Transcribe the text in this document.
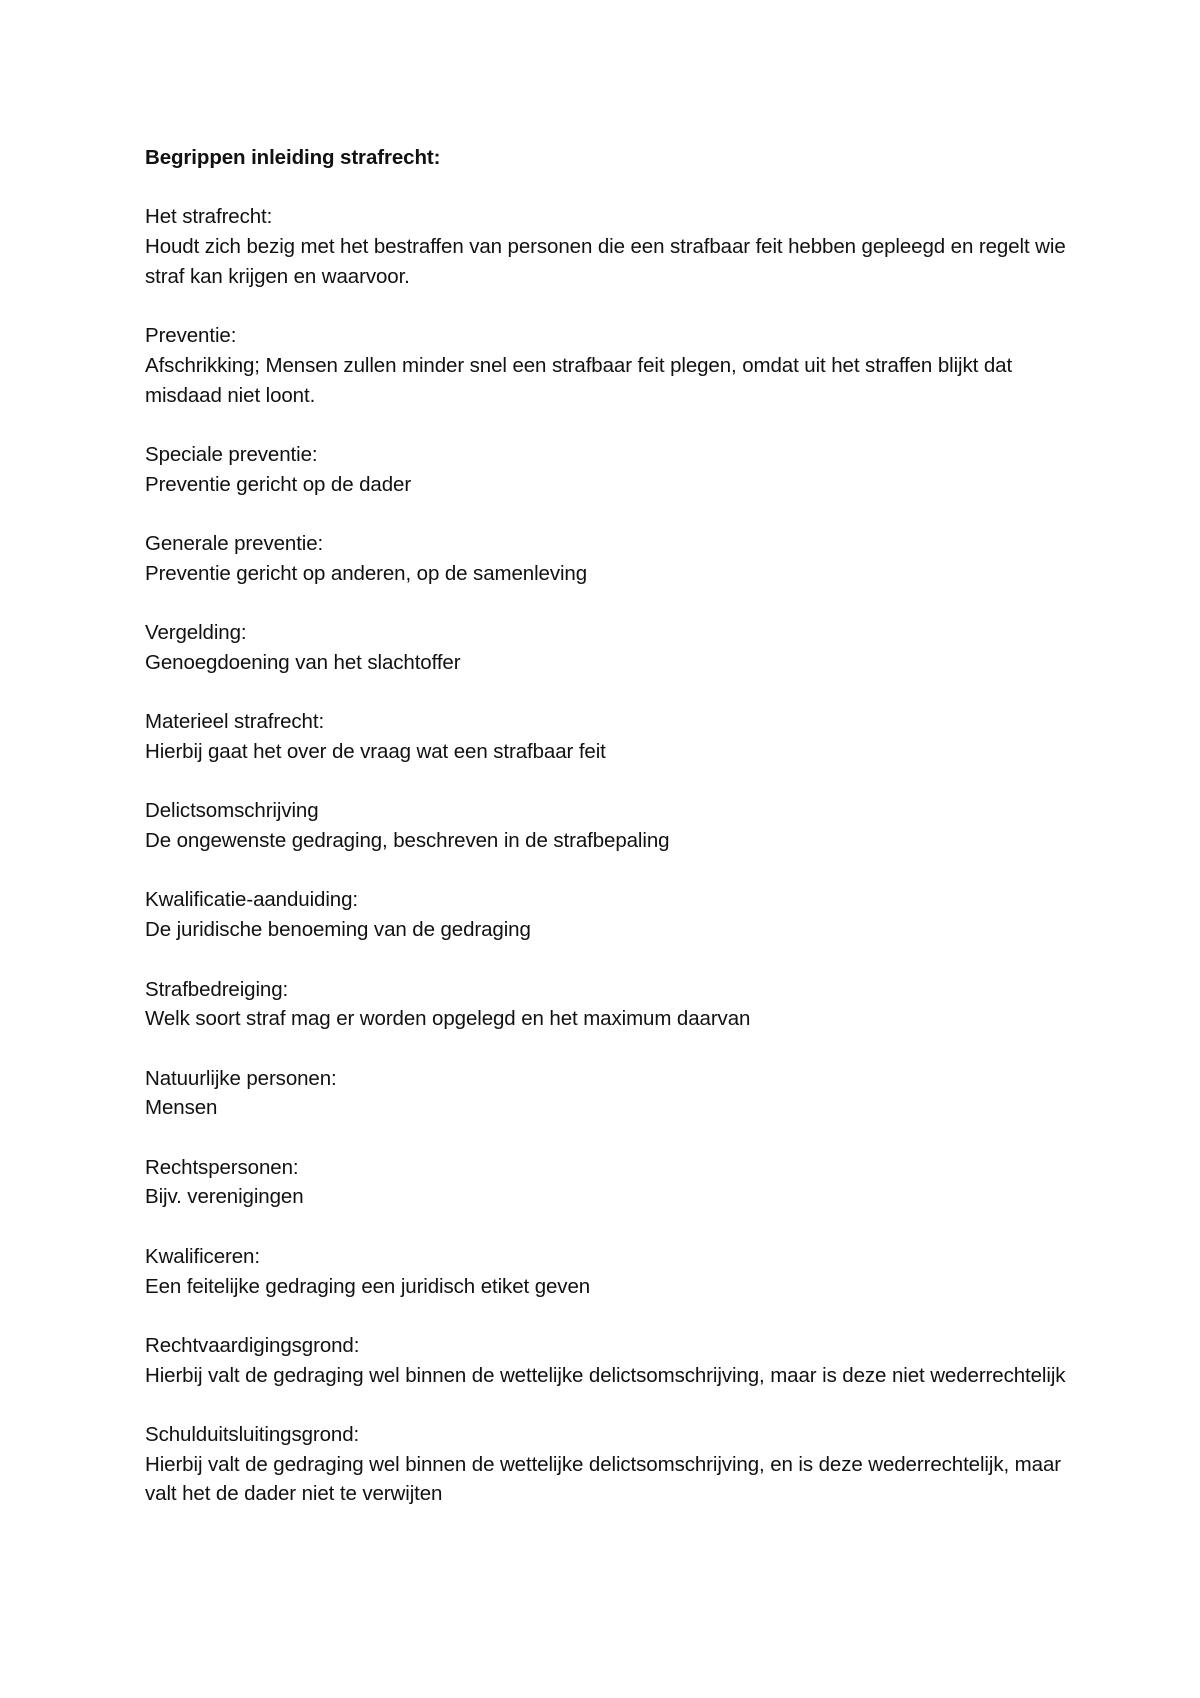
Begrippen inleiding strafrecht:
Het strafrecht:
Houdt zich bezig met het bestraffen van personen die een strafbaar feit hebben gepleegd en regelt wie straf kan krijgen en waarvoor.
Preventie:
Afschrikking; Mensen zullen minder snel een strafbaar feit plegen, omdat uit het straffen blijkt dat misdaad niet loont.
Speciale preventie:
Preventie gericht op de dader
Generale preventie:
Preventie gericht op anderen, op de samenleving
Vergelding:
Genoegdoening van het slachtoffer
Materieel strafrecht:
Hierbij gaat het over de vraag wat een strafbaar feit
Delictsomschrijving
De ongewenste gedraging, beschreven in de strafbepaling
Kwalificatie-aanduiding:
De juridische benoeming van de gedraging
Strafbedreiging:
Welk soort straf mag er worden opgelegd en het maximum daarvan
Natuurlijke personen:
Mensen
Rechtspersonen:
Bijv. verenigingen
Kwalificeren:
Een feitelijke gedraging een juridisch etiket geven
Rechtvaardigingsgrond:
Hierbij valt de gedraging wel binnen de wettelijke delictsomschrijving, maar is deze niet wederrechtelijk
Schulduitsluitingsgrond:
Hierbij valt de gedraging wel binnen de wettelijke delictsomschrijving, en is deze wederrechtelijk, maar valt het de dader niet te verwijten
